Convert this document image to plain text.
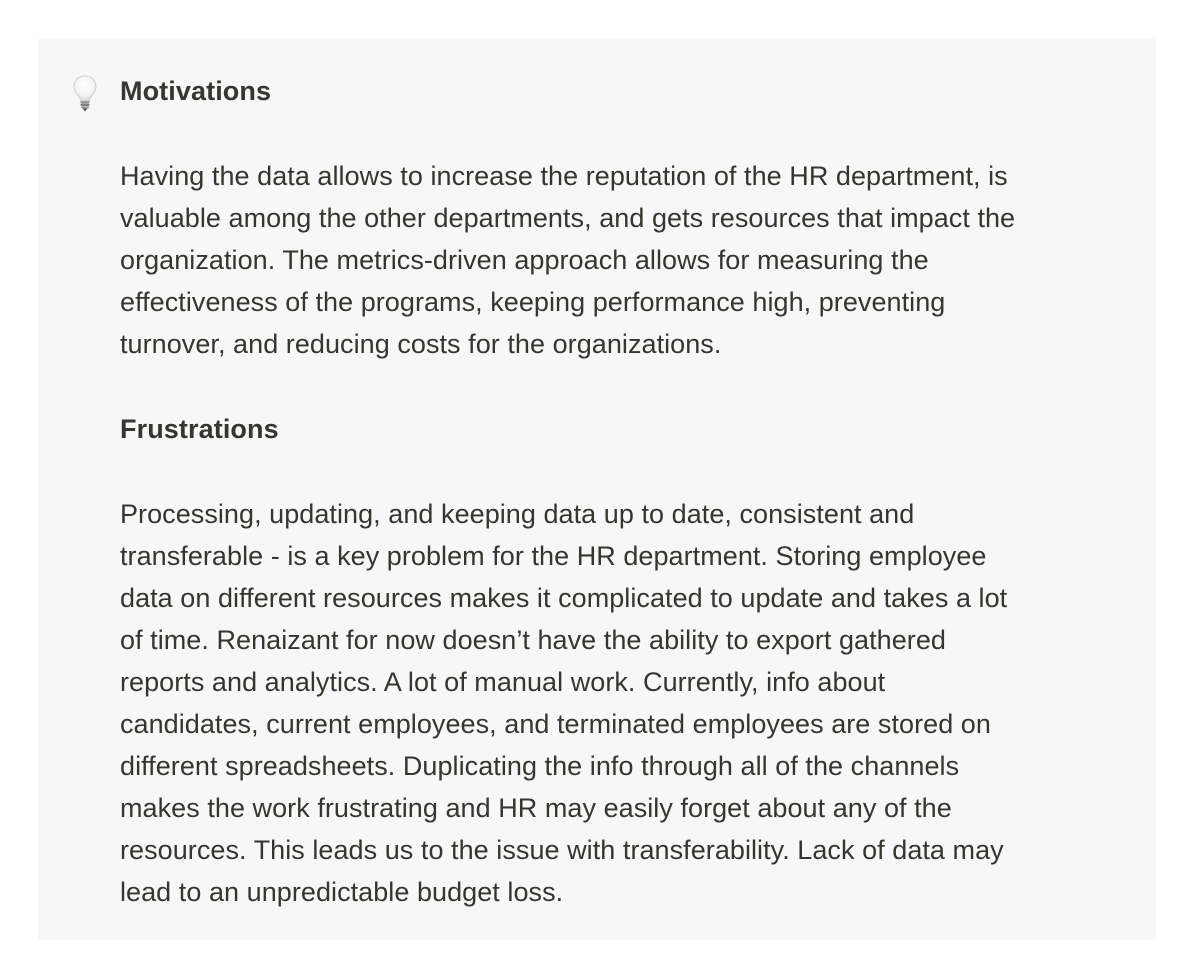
Motivations

Having the data allows to increase the reputation of the HR department, is
valuable among the other departments, and gets resources that impact the
organization. The metrics-driven approach allows for measuring the
effectiveness of the programs, keeping performance high, preventing
turnover, and reducing costs for the organizations.

Frustrations

Processing, updating, and keeping data up to date, consistent and
transferable - is a key problem for the HR department. Storing employee
data on different resources makes it complicated to update and takes a lot
of time. Renaizant for now doesn’t have the ability to export gathered
reports and analytics. A lot of manual work. Currently, info about
candidates, current employees, and terminated employees are stored on
different spreadsheets. Duplicating the info through all of the channels
makes the work frustrating and HR may easily forget about any of the
resources. This leads us to the issue with transferability. Lack of data may
lead to an unpredictable budget loss.
